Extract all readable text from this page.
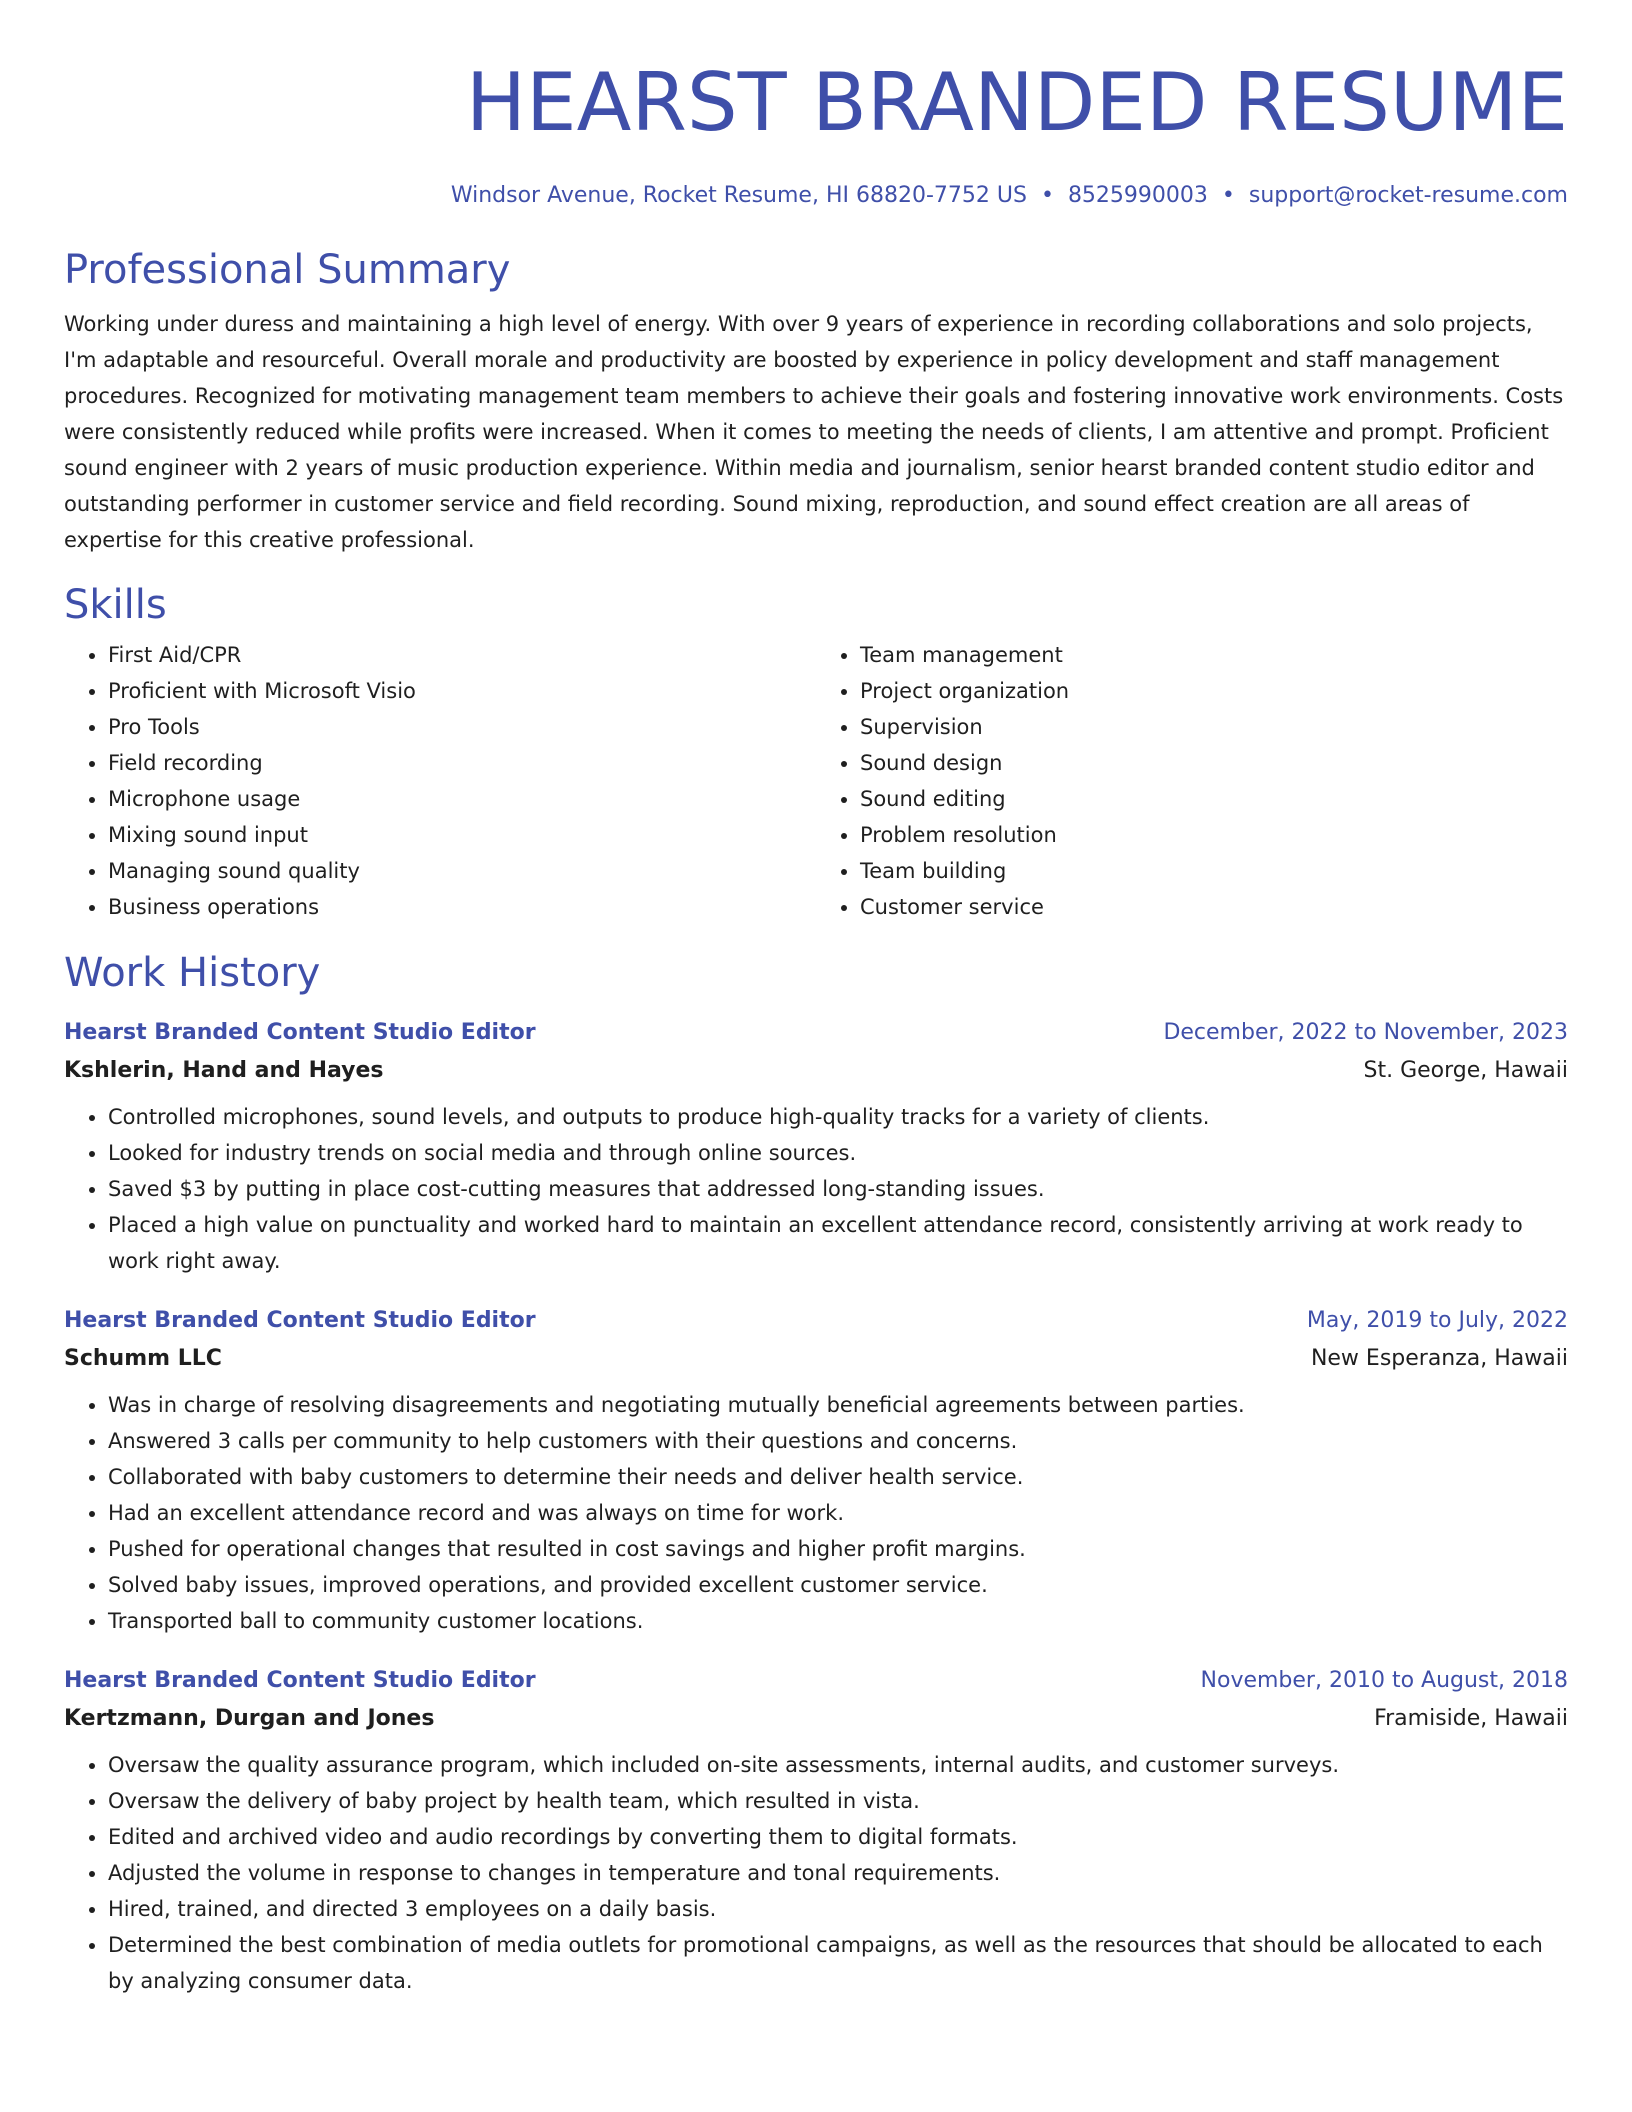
HEARST BRANDED RESUME
Windsor Avenue, Rocket Resume, HI 68820-7752 US • 8525990003 • support@rocket-resume.com
Professional Summary

Working under duress and maintaining a high level of energy. With over 9 years of experience in recording collaborations and solo projects, I'm adaptable and resourceful. Overall morale and productivity are boosted by experience in policy development and staff management procedures. Recognized for motivating management team members to achieve their goals and fostering innovative work environments. Costs were consistently reduced while profits were increased. When it comes to meeting the needs of clients, I am attentive and prompt. Proficient sound engineer with 2 years of music production experience. Within media and journalism, senior hearst branded content studio editor and outstanding performer in customer service and field recording. Sound mixing, reproduction, and sound effect creation are all areas of expertise for this creative professional.

Skills
• First Aid/CPR
• Proficient with Microsoft Visio
• Pro Tools
• Field recording
• Microphone usage
• Mixing sound input
• Managing sound quality
• Business operations
• Team management
• Project organization
• Supervision
• Sound design
• Sound editing
• Problem resolution
• Team building
• Customer service
Work History
Hearst Branded Content Studio Editor	December, 2022 to November, 2023
Kshlerin, Hand and Hayes	St. George, Hawaii
• Controlled microphones, sound levels, and outputs to produce high-quality tracks for a variety of clients.
• Looked for industry trends on social media and through online sources.
• Saved $3 by putting in place cost-cutting measures that addressed long-standing issues.
• Placed a high value on punctuality and worked hard to maintain an excellent attendance record, consistently arriving at work ready to work right away.
Hearst Branded Content Studio Editor	May, 2019 to July, 2022
Schumm LLC	New Esperanza, Hawaii
• Was in charge of resolving disagreements and negotiating mutually beneficial agreements between parties.
• Answered 3 calls per community to help customers with their questions and concerns.
• Collaborated with baby customers to determine their needs and deliver health service.
• Had an excellent attendance record and was always on time for work.
• Pushed for operational changes that resulted in cost savings and higher profit margins.
• Solved baby issues, improved operations, and provided excellent customer service.
• Transported ball to community customer locations.
Hearst Branded Content Studio Editor	November, 2010 to August, 2018
Kertzmann, Durgan and Jones	Framiside, Hawaii
• Oversaw the quality assurance program, which included on-site assessments, internal audits, and customer surveys.
• Oversaw the delivery of baby project by health team, which resulted in vista.
• Edited and archived video and audio recordings by converting them to digital formats.
• Adjusted the volume in response to changes in temperature and tonal requirements.
• Hired, trained, and directed 3 employees on a daily basis.
• Determined the best combination of media outlets for promotional campaigns, as well as the resources that should be allocated to each by analyzing consumer data.
